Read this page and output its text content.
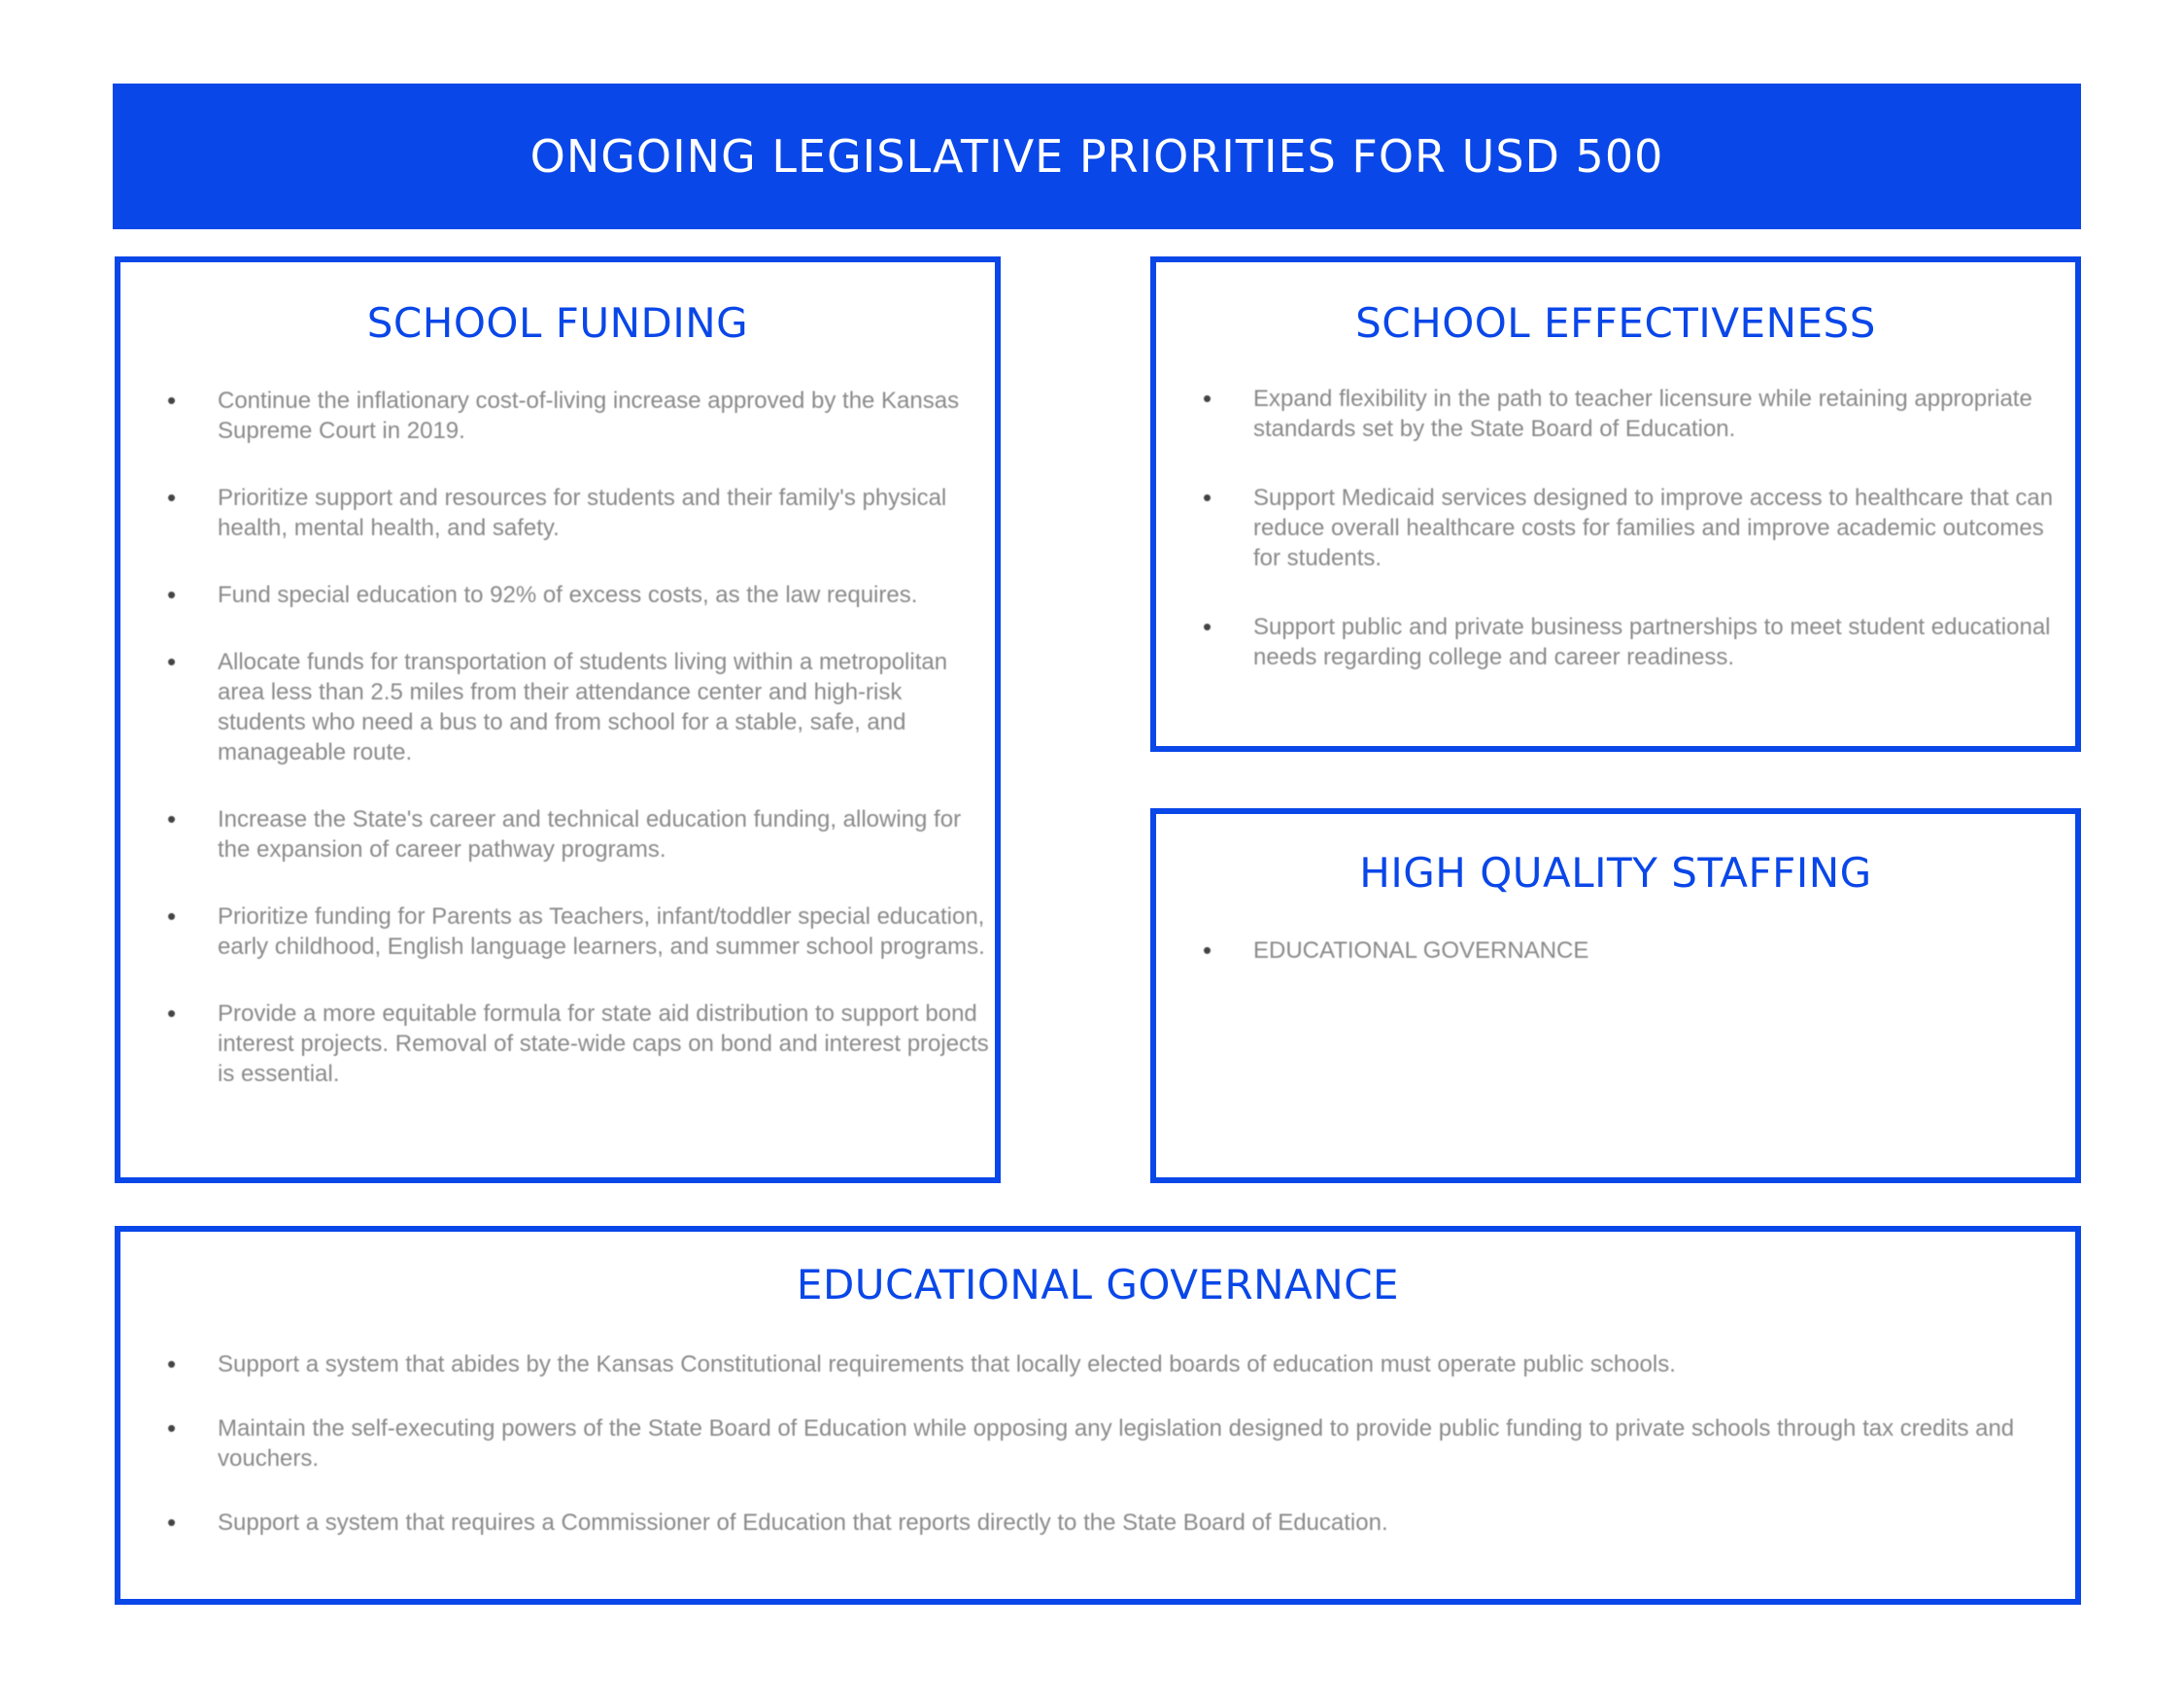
ONGOING LEGISLATIVE PRIORITIES FOR USD 500
SCHOOL FUNDING
• Continue the inflationary cost-of-living increase approved by the Kansas Supreme Court in 2019.
• Prioritize support and resources for students and their family's physical health, mental health, and safety.
• Fund special education to 92% of excess costs, as the law requires.
• Allocate funds for transportation of students living within a metropolitan area less than 2.5 miles from their attendance center and high-risk students who need a bus to and from school for a stable, safe, and manageable route.
• Increase the State's career and technical education funding, allowing for the expansion of career pathway programs.
• Prioritize funding for Parents as Teachers, infant/toddler special education, early childhood, English language learners, and summer school programs.
• Provide a more equitable formula for state aid distribution to support bond interest projects. Removal of state-wide caps on bond and interest projects is essential.
SCHOOL EFFECTIVENESS
• Expand flexibility in the path to teacher licensure while retaining appropriate standards set by the State Board of Education.
• Support Medicaid services designed to improve access to healthcare that can reduce overall healthcare costs for families and improve academic outcomes for students.
• Support public and private business partnerships to meet student educational needs regarding college and career readiness.
HIGH QUALITY STAFFING
• EDUCATIONAL GOVERNANCE
EDUCATIONAL GOVERNANCE
• Support a system that abides by the Kansas Constitutional requirements that locally elected boards of education must operate public schools.
• Maintain the self-executing powers of the State Board of Education while opposing any legislation designed to provide public funding to private schools through tax credits and vouchers.
• Support a system that requires a Commissioner of Education that reports directly to the State Board of Education.
